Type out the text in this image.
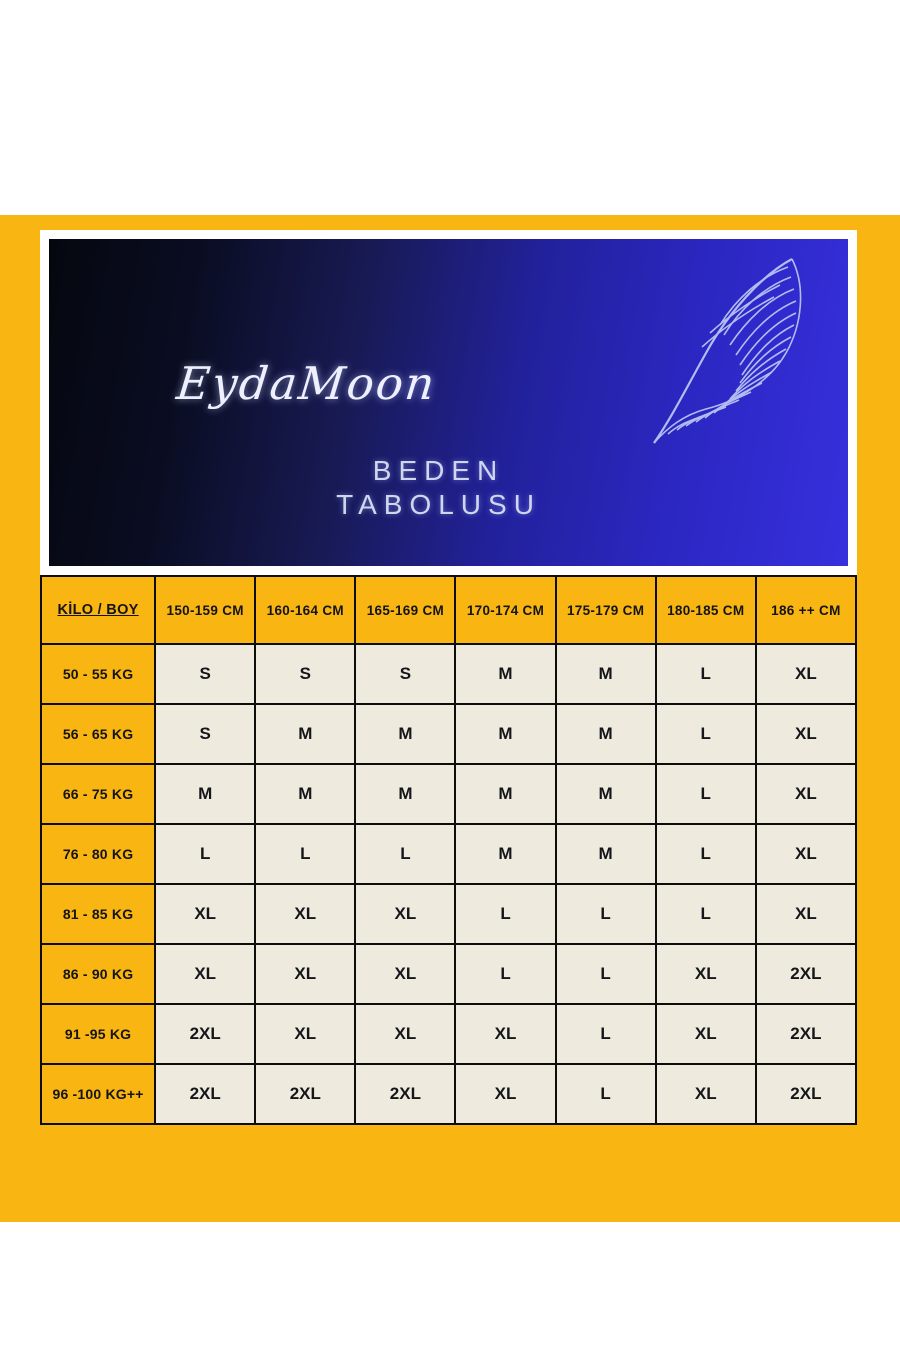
EydaMoon
BEDEN
TABOLUSU
KİLO / BOY	150-159 CM	160-164 CM	165-169 CM	170-174 CM	175-179 CM	180-185 CM	186 ++ CM
50 - 55 KG	S	S	S	M	M	L	XL
56 - 65 KG	S	M	M	M	M	L	XL
66 - 75 KG	M	M	M	M	M	L	XL
76 - 80 KG	L	L	L	M	M	L	XL
81 - 85 KG	XL	XL	XL	L	L	L	XL
86 - 90 KG	XL	XL	XL	L	L	XL	2XL
91 -95 KG	2XL	XL	XL	XL	L	XL	2XL
96 -100 KG++	2XL	2XL	2XL	XL	L	XL	2XL
